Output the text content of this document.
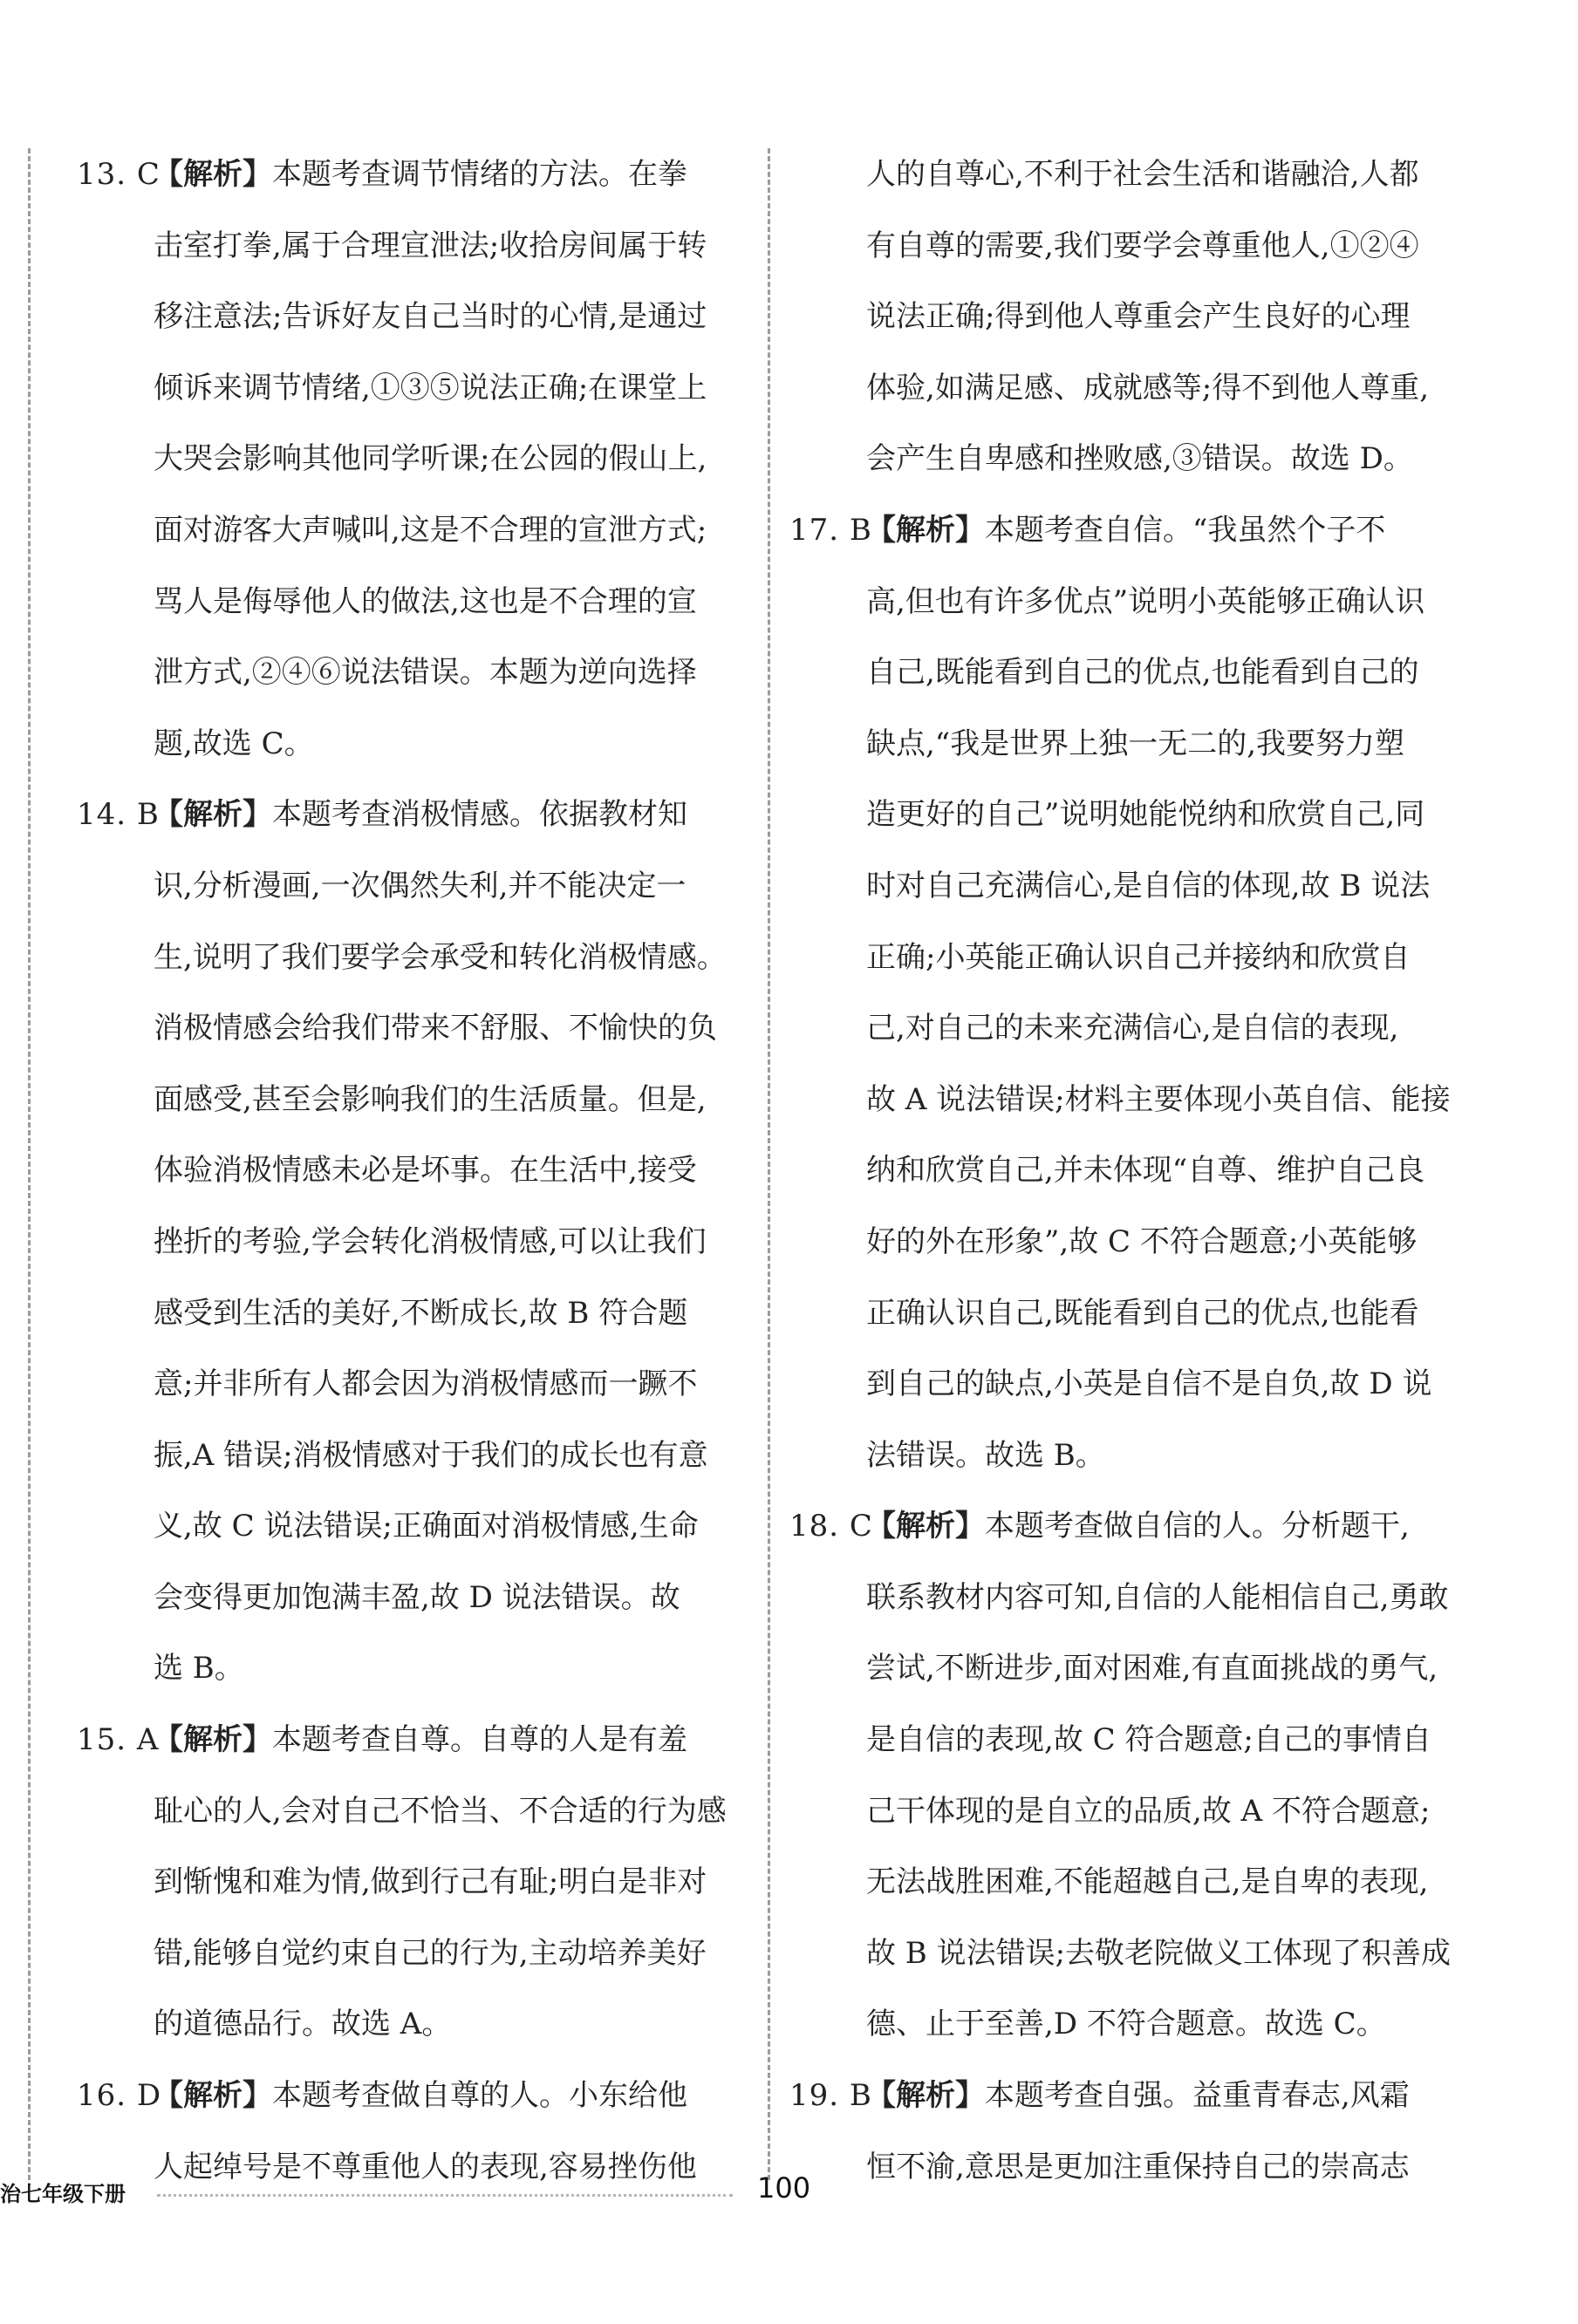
13. C
【解析】本题考查调节情绪的方法。在拳
击室打拳,属于合理宣泄法;收拾房间属于转
移注意法;告诉好友自己当时的心情,是通过
倾诉来调节情绪,①③⑤说法正确;在课堂上
大哭会影响其他同学听课;在公园的假山上,
面对游客大声喊叫,这是不合理的宣泄方式;
骂人是侮辱他人的做法,这也是不合理的宣
泄方式,②④⑥说法错误。本题为逆向选择
题,故选 C。
14. B
【解析】本题考查消极情感。依据教材知
识,分析漫画,一次偶然失利,并不能决定一
生,说明了我们要学会承受和转化消极情感。
消极情感会给我们带来不舒服、不愉快的负
面感受,甚至会影响我们的生活质量。但是,
体验消极情感未必是坏事。在生活中,接受
挫折的考验,学会转化消极情感,可以让我们
感受到生活的美好,不断成长,故 B 符合题
意;并非所有人都会因为消极情感而一蹶不
振,A 错误;消极情感对于我们的成长也有意
义,故 C 说法错误;正确面对消极情感,生命
会变得更加饱满丰盈,故 D 说法错误。故
选 B。
15. A
【解析】本题考查自尊。自尊的人是有羞
耻心的人,会对自己不恰当、不合适的行为感
到惭愧和难为情,做到行己有耻;明白是非对
错,能够自觉约束自己的行为,主动培养美好
的道德品行。故选 A。
16. D
【解析】本题考查做自尊的人。小东给他
人起绰号是不尊重他人的表现,容易挫伤他
人的自尊心,不利于社会生活和谐融洽,人都
有自尊的需要,我们要学会尊重他人,①②④
说法正确;得到他人尊重会产生良好的心理
体验,如满足感、成就感等;得不到他人尊重,
会产生自卑感和挫败感,③错误。故选 D。
17. B
【解析】本题考查自信。“我虽然个子不
高,但也有许多优点”说明小英能够正确认识
自己,既能看到自己的优点,也能看到自己的
缺点,“我是世界上独一无二的,我要努力塑
造更好的自己”说明她能悦纳和欣赏自己,同
时对自己充满信心,是自信的体现,故 B 说法
正确;小英能正确认识自己并接纳和欣赏自
己,对自己的未来充满信心,是自信的表现,
故 A 说法错误;材料主要体现小英自信、能接
纳和欣赏自己,并未体现“自尊、维护自己良
好的外在形象”,故 C 不符合题意;小英能够
正确认识自己,既能看到自己的优点,也能看
到自己的缺点,小英是自信不是自负,故 D 说
法错误。故选 B。
18. C
【解析】本题考查做自信的人。分析题干,
联系教材内容可知,自信的人能相信自己,勇敢
尝试,不断进步,面对困难,有直面挑战的勇气,
是自信的表现,故 C 符合题意;自己的事情自
己干体现的是自立的品质,故 A 不符合题意;
无法战胜困难,不能超越自己,是自卑的表现,
故 B 说法错误;去敬老院做义工体现了积善成
德、止于至善,D 不符合题意。故选 C。
19. B
【解析】本题考查自强。益重青春志,风霜
恒不渝,意思是更加注重保持自己的崇高志
治七年级下册	100
